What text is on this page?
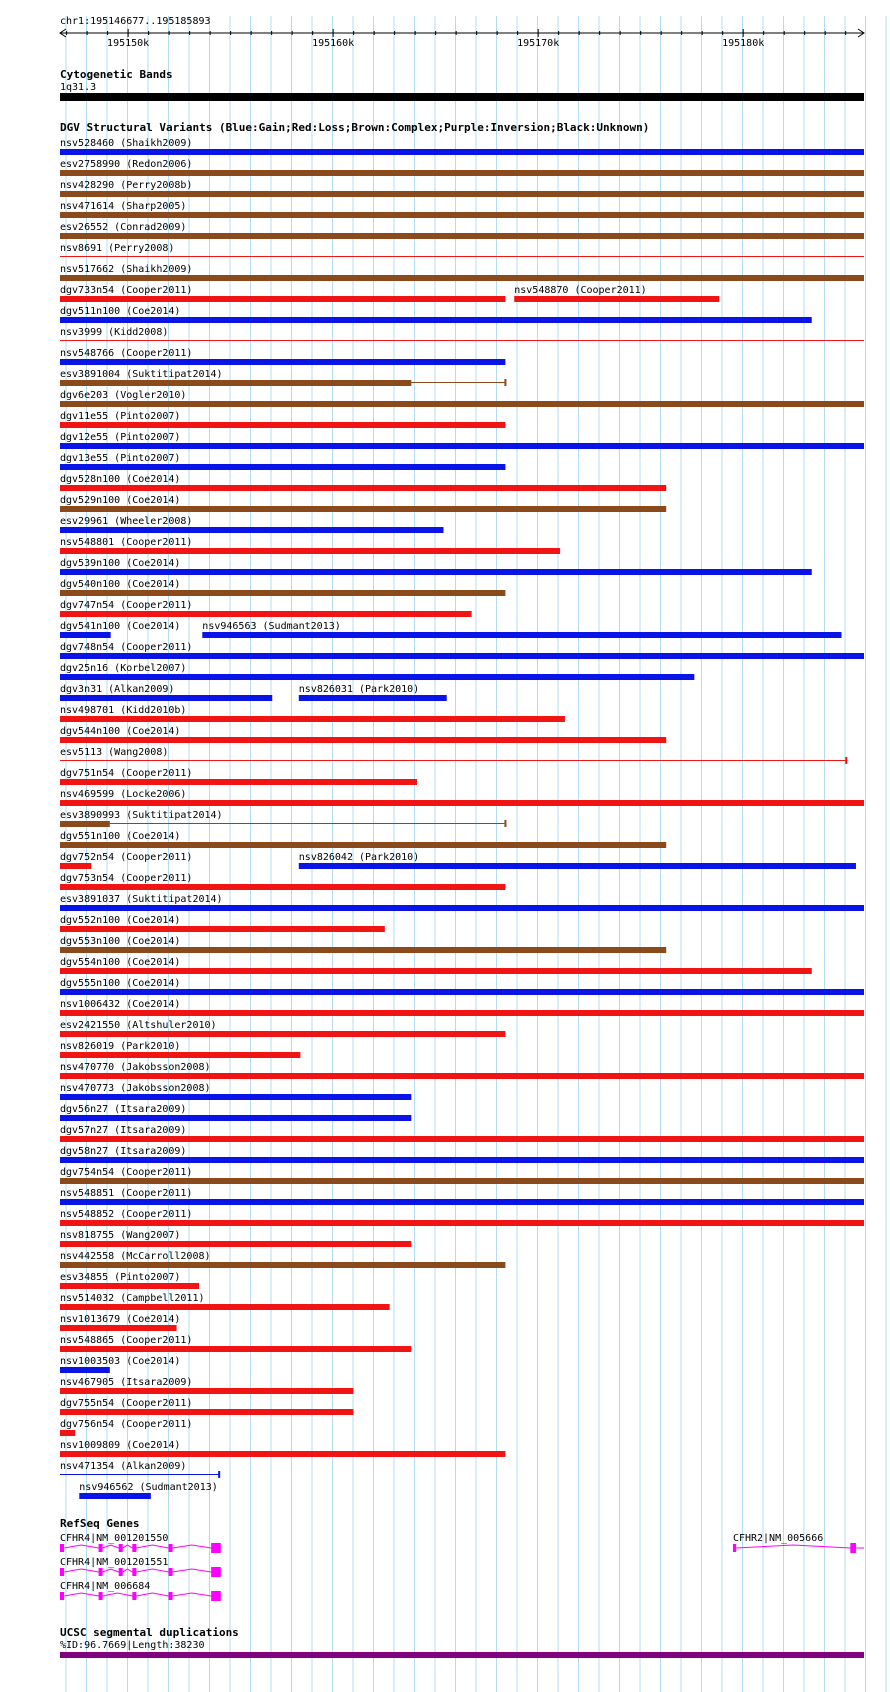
chr1:195146677..195185893
195150k	195160k	195170k	195180k
Cytogenetic Bands
1q31.3
DGV Structural Variants (Blue:Gain;Red:Loss;Brown:Complex;Purple:Inversion;Black:Unknown)
nsv528460 (Shaikh2009)
esv2758990 (Redon2006)
nsv428290 (Perry2008b)
nsv471614 (Sharp2005)
esv26552 (Conrad2009)
nsv8691 (Perry2008)
nsv517662 (Shaikh2009)
dgv733n54 (Cooper2011)	nsv548870 (Cooper2011)
dgv511n100 (Coe2014)
nsv3999 (Kidd2008)
nsv548766 (Cooper2011)
esv3891004 (Suktitipat2014)
dgv6e203 (Vogler2010)
dgv11e55 (Pinto2007)
dgv12e55 (Pinto2007)
dgv13e55 (Pinto2007)
dgv528n100 (Coe2014)
dgv529n100 (Coe2014)
esv29961 (Wheeler2008)
nsv548801 (Cooper2011)
dgv539n100 (Coe2014)
dgv540n100 (Coe2014)
dgv747n54 (Cooper2011)
dgv541n100 (Coe2014) nsv946563 (Sudmant2013)
dgv748n54 (Cooper2011)
dgv25n16 (Korbel2007)
dgv3n31 (Alkan2009)	nsv826031 (Park2010)
nsv498701 (Kidd2010b)
dgv544n100 (Coe2014)
esv5113 (Wang2008)
dgv751n54 (Cooper2011)
nsv469599 (Locke2006)
esv3890993 (Suktitipat2014)
dgv551n100 (Coe2014)
dgv752n54 (Cooper2011)	nsv826042 (Park2010)
dgv753n54 (Cooper2011)
esv3891037 (Suktitipat2014)
dgv552n100 (Coe2014)
dgv553n100 (Coe2014)
dgv554n100 (Coe2014)
dgv555n100 (Coe2014)
nsv1006432 (Coe2014)
esv2421550 (Altshuler2010)
nsv826019 (Park2010)
nsv470770 (Jakobsson2008)
nsv470773 (Jakobsson2008)
dgv56n27 (Itsara2009)
dgv57n27 (Itsara2009)
dgv58n27 (Itsara2009)
dgv754n54 (Cooper2011)
nsv548851 (Cooper2011)
nsv548852 (Cooper2011)
nsv818755 (Wang2007)
nsv442558 (McCarroll2008)
esv34855 (Pinto2007)
nsv514032 (Campbell2011)
nsv1013679 (Coe2014)
nsv548865 (Cooper2011)
nsv1003503 (Coe2014)
nsv467905 (Itsara2009)
dgv755n54 (Cooper2011)
dgv756n54 (Cooper2011)
nsv1009809 (Coe2014)
nsv471354 (Alkan2009)
nsv946562 (Sudmant2013)
RefSeq Genes
CFHR4|NM_001201550
CFHR4|NM_001201551
CFHR4|NM_006684
CFHR2|NM_005666
UCSC segmental duplications
%ID:96.7669|Length:38230
